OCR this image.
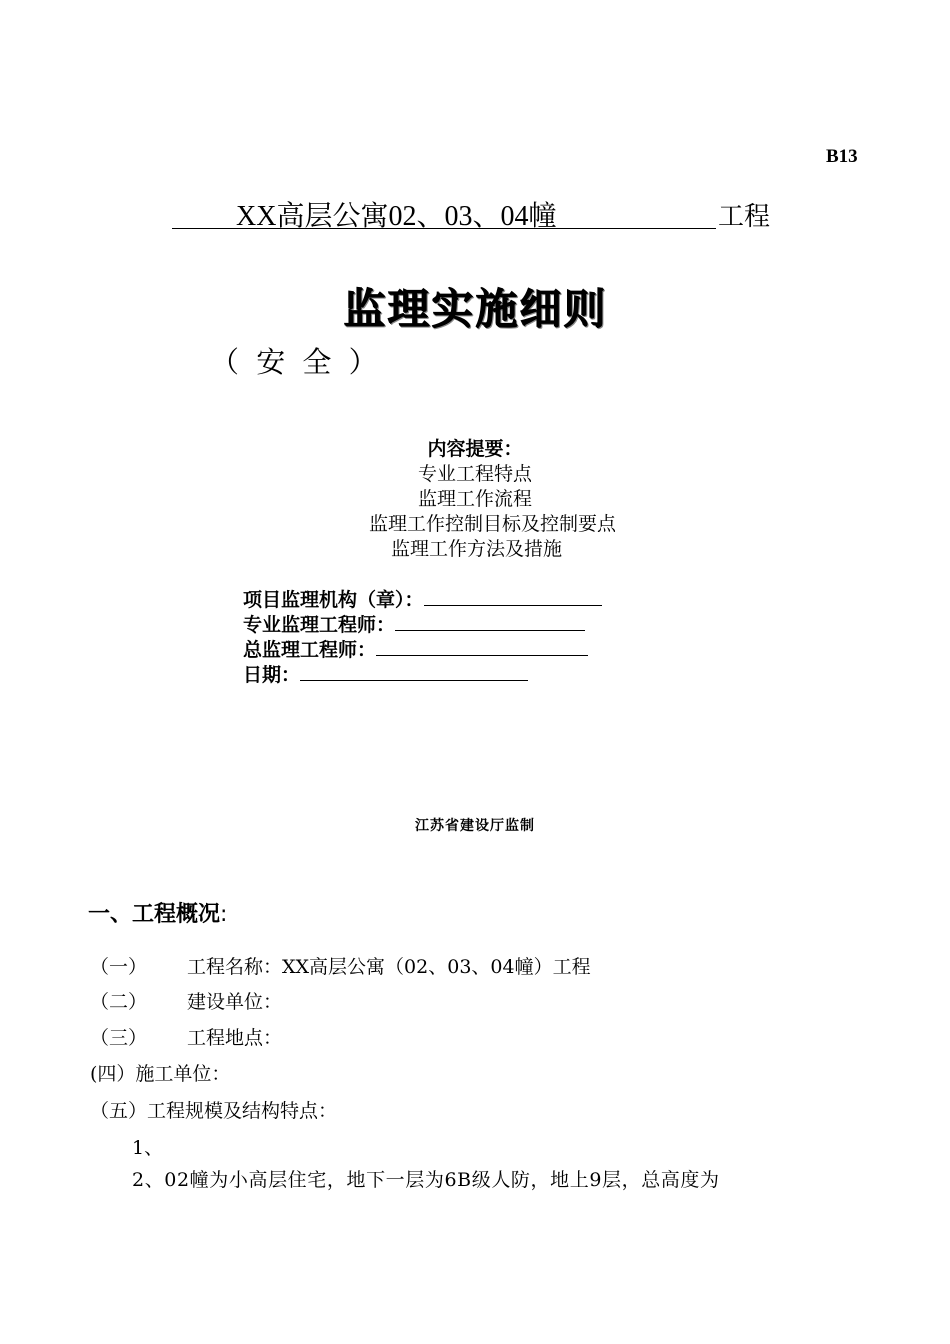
B13
XX高层公寓02、03、04幢	工程
监理实施细则
（ 安 全 ）
内容提要：
专业工程特点
监理工作流程
监理工作控制目标及控制要点
监理工作方法及措施
项目监理机构（章）：
专业监理工程师：
总监理工程师：
日期：
江苏省建设厅监制
一、工程概况:
（一） 工程名称：XX高层公寓（02、03、04幢）工程
（二） 建设单位：
（三） 工程地点：
(四）施工单位：
（五）工程规模及结构特点：
1、
2、02幢为小高层住宅，地下一层为6B级人防，地上9层，总高度为
